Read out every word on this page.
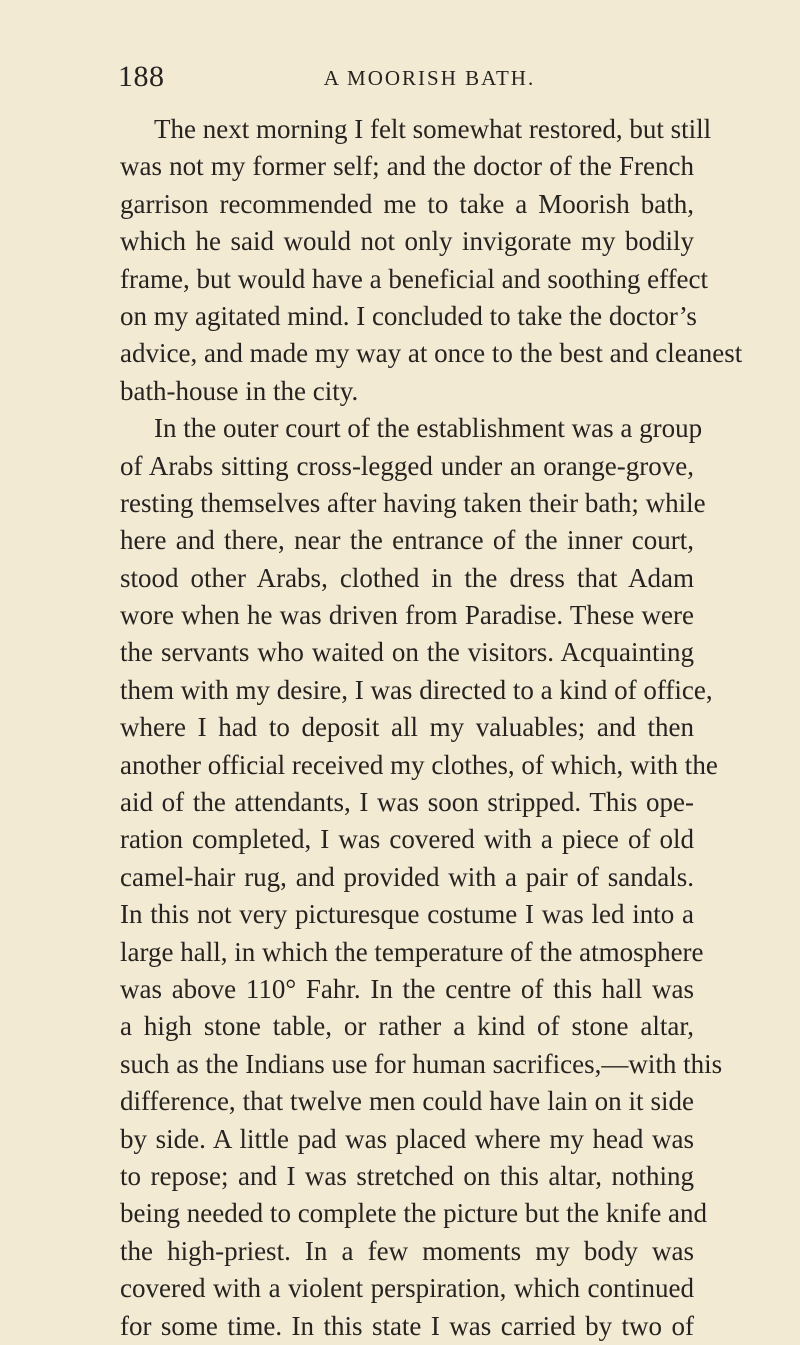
188	A MOORISH BATH.
The next morning I felt somewhat restored, but still
was not my former self; and the doctor of the French
garrison recommended me to take a Moorish bath,
which he said would not only invigorate my bodily
frame, but would have a beneficial and soothing effect
on my agitated mind. I concluded to take the doctor’s
advice, and made my way at once to the best and cleanest
bath-house in the city.
In the outer court of the establishment was a group
of Arabs sitting cross-legged under an orange-grove,
resting themselves after having taken their bath; while
here and there, near the entrance of the inner court,
stood other Arabs, clothed in the dress that Adam
wore when he was driven from Paradise. These were
the servants who waited on the visitors. Acquainting
them with my desire, I was directed to a kind of office,
where I had to deposit all my valuables; and then
another official received my clothes, of which, with the
aid of the attendants, I was soon stripped. This ope-
ration completed, I was covered with a piece of old
camel-hair rug, and provided with a pair of sandals.
In this not very picturesque costume I was led into a
large hall, in which the temperature of the atmosphere
was above 110° Fahr. In the centre of this hall was
a high stone table, or rather a kind of stone altar,
such as the Indians use for human sacrifices,—with this
difference, that twelve men could have lain on it side
by side. A little pad was placed where my head was
to repose; and I was stretched on this altar, nothing
being needed to complete the picture but the knife and
the high-priest. In a few moments my body was
covered with a violent perspiration, which continued
for some time. In this state I was carried by two of
